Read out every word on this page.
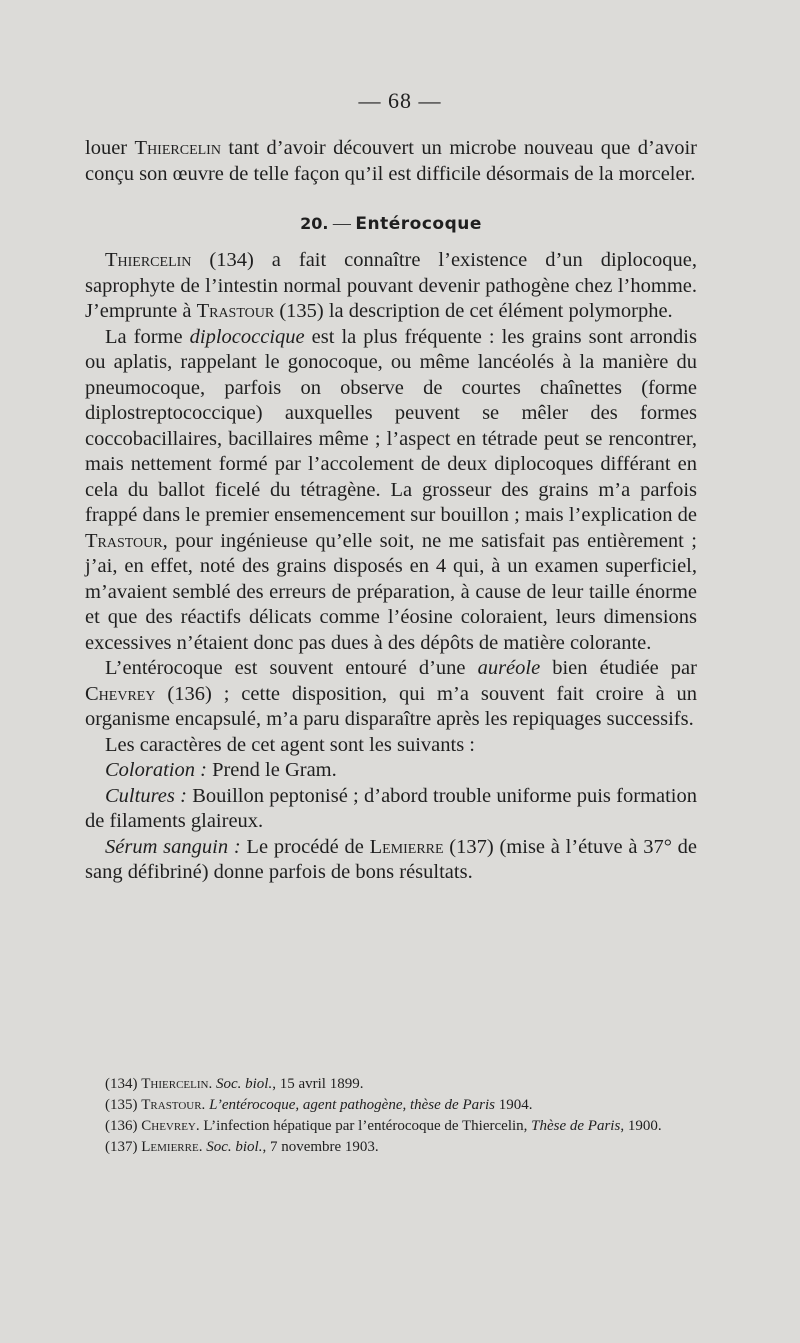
— 68 —

louer Thiercelin tant d’avoir découvert un microbe nouveau que d’avoir conçu son œuvre de telle façon qu’il est difficile désormais de la morceler.

20. — Entérocoque

Thiercelin (134) a fait connaître l’existence d’un diplocoque, saprophyte de l’intestin normal pouvant devenir pathogène chez l’homme. J’emprunte à Trastour (135) la description de cet élément polymorphe.

La forme diplococcique est la plus fréquente : les grains sont arrondis ou aplatis, rappelant le gonocoque, ou même lancéolés à la manière du pneumocoque, parfois on observe de courtes chaînettes (forme diplostreptococcique) auxquelles peuvent se mêler des formes coccobacillaires, bacillaires même ; l’aspect en tétrade peut se rencontrer, mais nettement formé par l’accolement de deux diplocoques différant en cela du ballot ficelé du tétragène. La grosseur des grains m’a parfois frappé dans le premier ensemencement sur bouillon ; mais l’explication de Trastour, pour ingénieuse qu’elle soit, ne me satisfait pas entièrement ; j’ai, en effet, noté des grains disposés en 4 qui, à un examen superficiel, m’avaient semblé des erreurs de préparation, à cause de leur taille énorme et que des réactifs délicats comme l’éosine coloraient, leurs dimensions excessives n’étaient donc pas dues à des dépôts de matière colorante.

L’entérocoque est souvent entouré d’une auréole bien étudiée par Chevrey (136) ; cette disposition, qui m’a souvent fait croire à un organisme encapsulé, m’a paru disparaître après les repiquages successifs.

Les caractères de cet agent sont les suivants :

Coloration : Prend le Gram.

Cultures : Bouillon peptonisé ; d’abord trouble uniforme puis formation de filaments glaireux.

Sérum sanguin : Le procédé de Lemierre (137) (mise à l’étuve à 37° de sang défibriné) donne parfois de bons résultats.

(134) Thiercelin. Soc. biol., 15 avril 1899.

(135) Trastour. L’entérocoque, agent pathogène, thèse de Paris 1904.

(136) Chevrey. L’infection hépatique par l’entérocoque de Thiercelin, Thèse de Paris, 1900.

(137) Lemierre. Soc. biol., 7 novembre 1903.
